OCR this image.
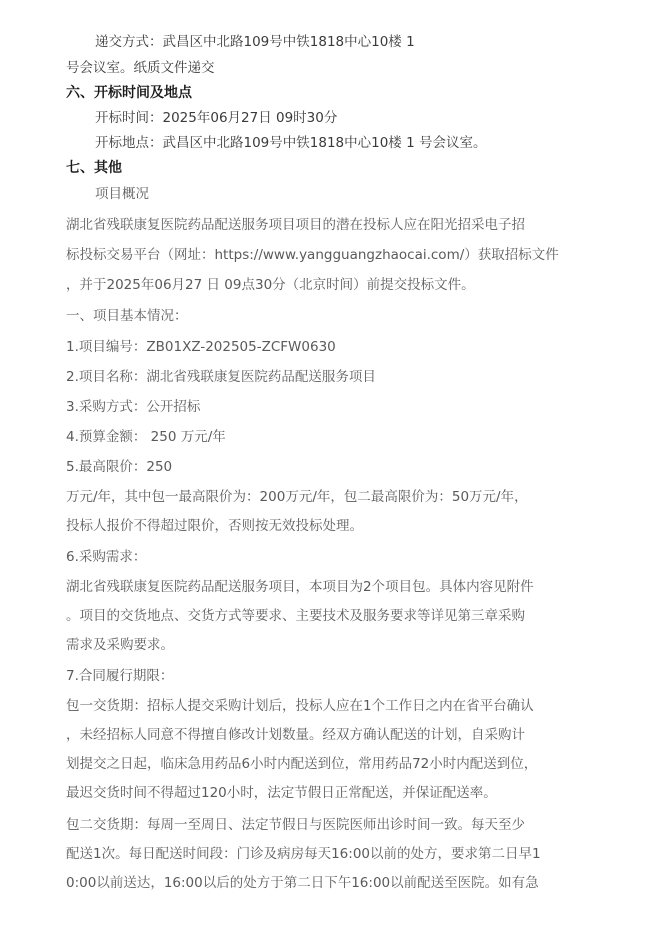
递交方式：武昌区中北路109号中铁1818中心10楼 1
号会议室。纸质文件递交
六、开标时间及地点
开标时间：2025年06月27日 09时30分
开标地点：武昌区中北路109号中铁1818中心10楼 1 号会议室。
七、其他
项目概况
湖北省残联康复医院药品配送服务项目项目的潜在投标人应在阳光招采电子招
标投标交易平台（网址：https://www.yangguangzhaocai.com/）获取招标文件
，并于2025年06月27 日 09点30分（北京时间）前提交投标文件。
一、项目基本情况：
1.项目编号：ZB01XZ-202505-ZCFW0630
2.项目名称：湖北省残联康复医院药品配送服务项目
3.采购方式：公开招标
4.预算金额： 250 万元/年
5.最高限价：250
万元/年，其中包一最高限价为：200万元/年，包二最高限价为：50万元/年，
投标人报价不得超过限价，否则按无效投标处理。
6.采购需求：
湖北省残联康复医院药品配送服务项目，本项目为2个项目包。具体内容见附件
。项目的交货地点、交货方式等要求、主要技术及服务要求等详见第三章采购
需求及采购要求。
7.合同履行期限：
包一交货期：招标人提交采购计划后，投标人应在1个工作日之内在省平台确认
，未经招标人同意不得擅自修改计划数量。经双方确认配送的计划，自采购计
划提交之日起，临床急用药品6小时内配送到位，常用药品72小时内配送到位，
最迟交货时间不得超过120小时，法定节假日正常配送，并保证配送率。
包二交货期：每周一至周日、法定节假日与医院医师出诊时间一致。每天至少
配送1次。每日配送时间段：门诊及病房每天16:00以前的处方，要求第二日早1
0:00以前送达，16:00以后的处方于第二日下午16:00以前配送至医院。如有急
